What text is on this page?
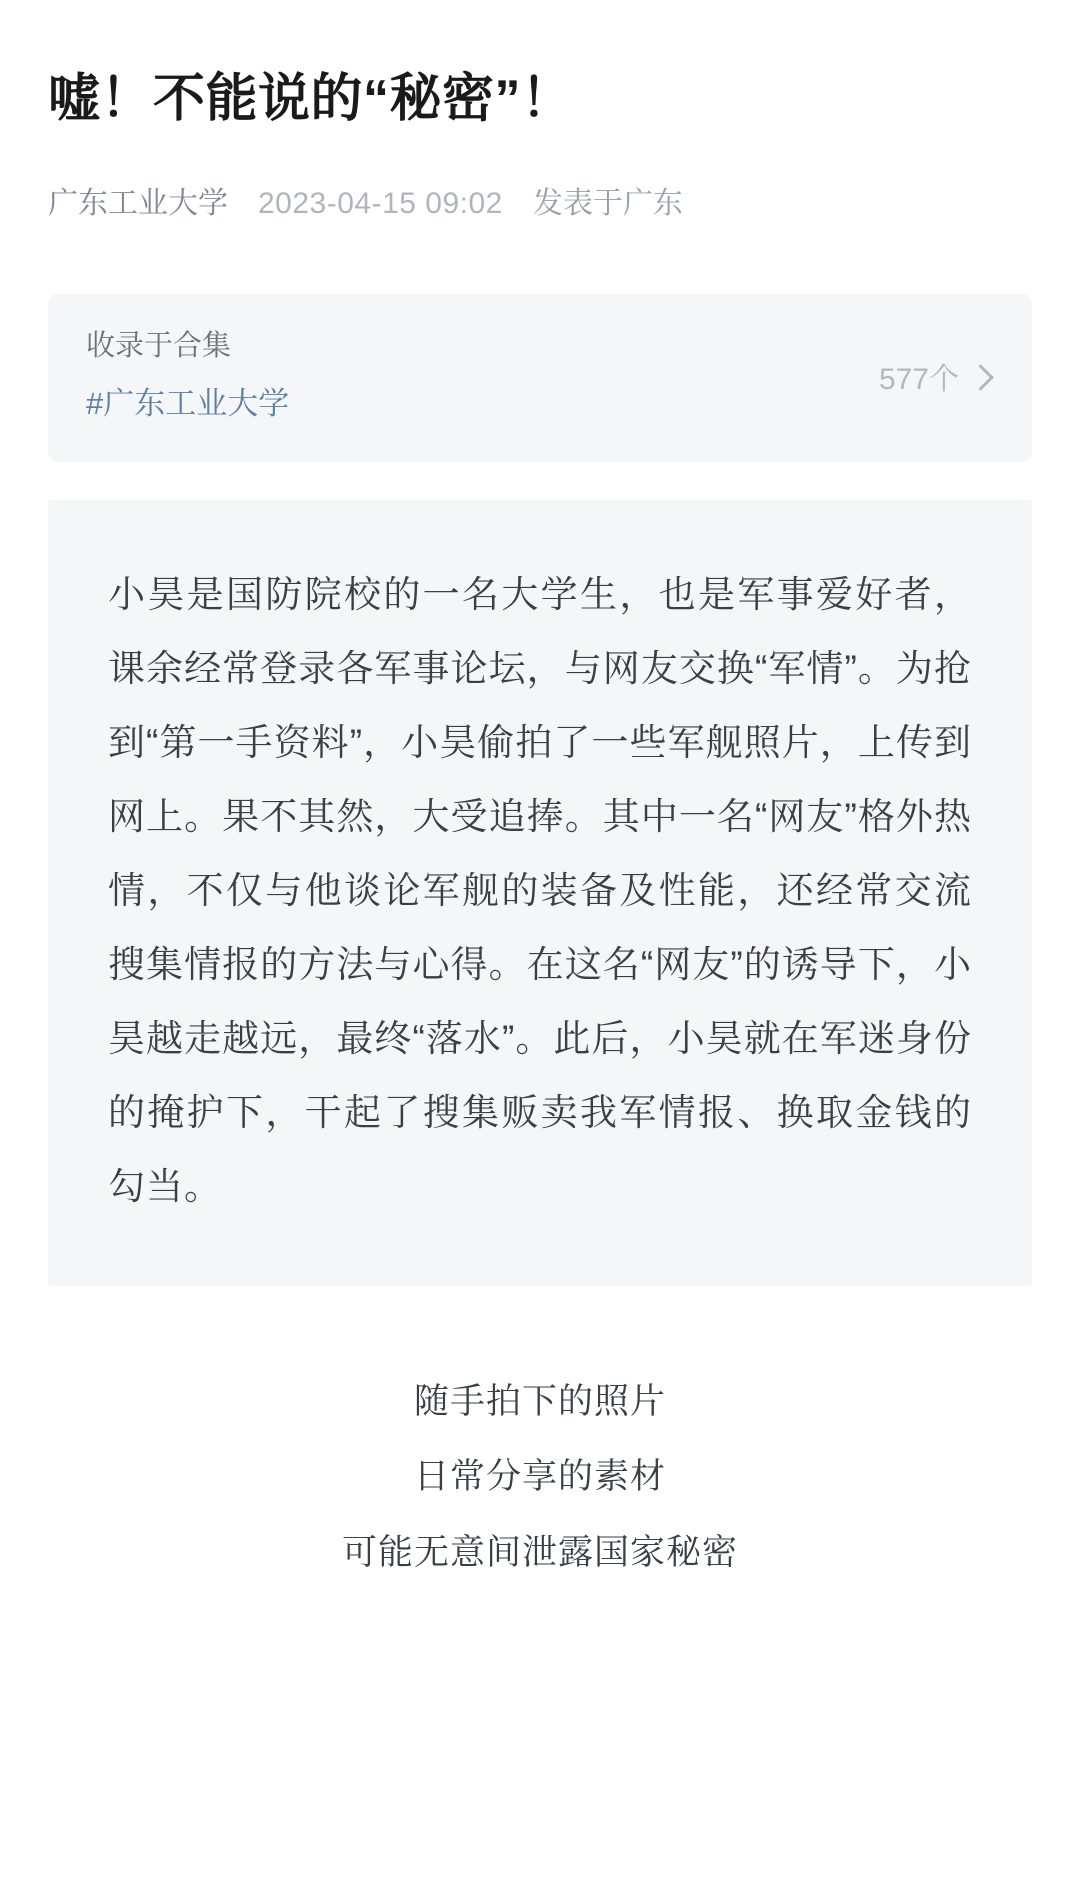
嘘！不能说的“秘密”！
广东工业大学 2023-04-15 09:02 发表于广东
收录于合集
#广东工业大学
577个

小昊是国防院校的一名大学生，也是军事爱好者，课余经常登录各军事论坛，与网友交换“军情”。为抢到“第一手资料”，小昊偷拍了一些军舰照片，上传到网上。果不其然，大受追捧。其中一名“网友”格外热情，不仅与他谈论军舰的装备及性能，还经常交流搜集情报的方法与心得。在这名“网友”的诱导下，小昊越走越远，最终“落水”。此后，小昊就在军迷身份的掩护下，干起了搜集贩卖我军情报、换取金钱的勾当。

随手拍下的照片
日常分享的素材
可能无意间泄露国家秘密
